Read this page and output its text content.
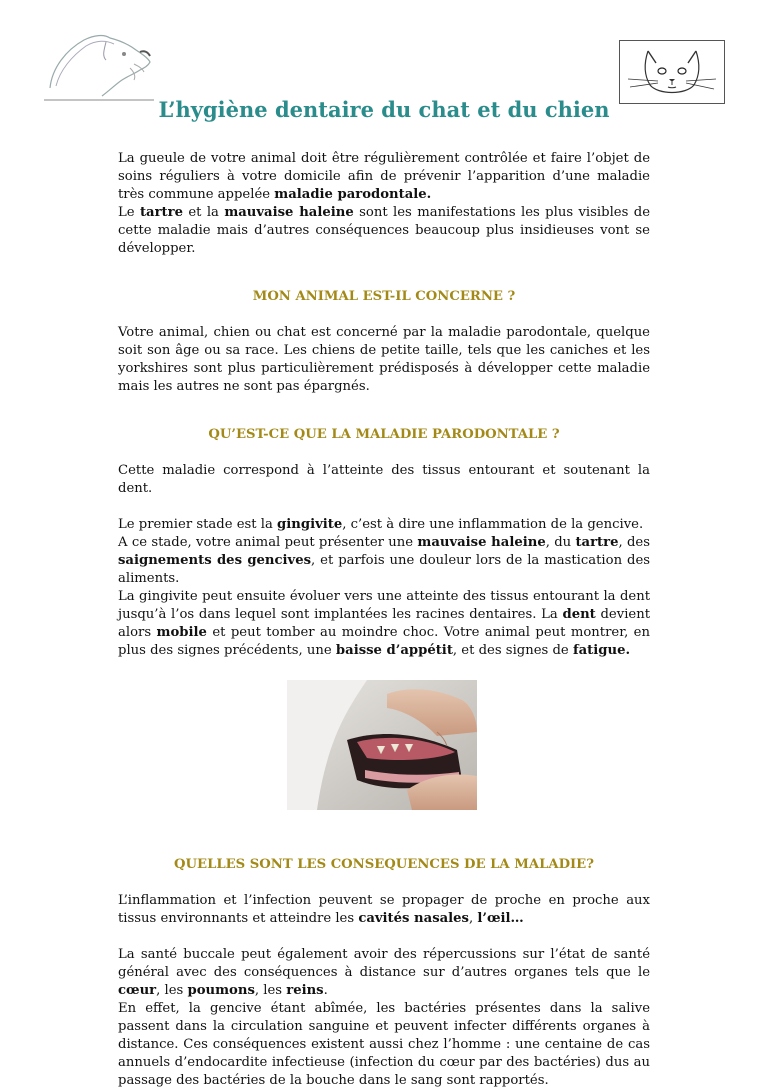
L’hygiène dentaire du chat et du chien

La gueule de votre animal doit être régulièrement contrôlée et faire l’objet de soins réguliers à votre domicile afin de prévenir l’apparition d’une maladie très commune appelée maladie parodontale.

Le tartre et la mauvaise haleine sont les manifestations les plus visibles de cette maladie mais d’autres conséquences beaucoup plus insidieuses vont se développer.

MON ANIMAL EST-IL CONCERNE ?

Votre animal, chien ou chat est concerné par la maladie parodontale, quelque soit son âge ou sa race. Les chiens de petite taille, tels que les caniches et les yorkshires sont plus particulièrement prédisposés à développer cette maladie mais les autres ne sont pas épargnés.

QU’EST-CE QUE LA MALADIE PARODONTALE ?

Cette maladie correspond à l’atteinte des tissus entourant et soutenant la dent.

Le premier stade est la gingivite, c’est à dire une inflammation de la gencive.

A ce stade, votre animal peut présenter une mauvaise haleine, du tartre, des saignements des gencives, et parfois une douleur lors de la mastication des aliments.

La gingivite peut ensuite évoluer vers une atteinte des tissus entourant la dent jusqu’à l’os dans lequel sont implantées les racines dentaires. La dent devient alors mobile et peut tomber au moindre choc. Votre animal peut montrer, en plus des signes précédents, une baisse d’appétit, et des signes de fatigue.

QUELLES SONT LES CONSEQUENCES DE LA MALADIE?

L’inflammation et l’infection peuvent se propager de proche en proche aux tissus environnants et atteindre les cavités nasales, l’œil…

La santé buccale peut également avoir des répercussions sur l’état de santé général avec des conséquences à distance sur d’autres organes tels que le cœur, les poumons, les reins.

En effet, la gencive étant abîmée, les bactéries présentes dans la salive passent dans la circulation sanguine et peuvent infecter différents organes à distance. Ces conséquences existent aussi chez l’homme : une centaine de cas annuels d’endocardite infectieuse (infection du cœur par des bactéries) dus au passage des bactéries de la bouche dans le sang sont rapportés.
